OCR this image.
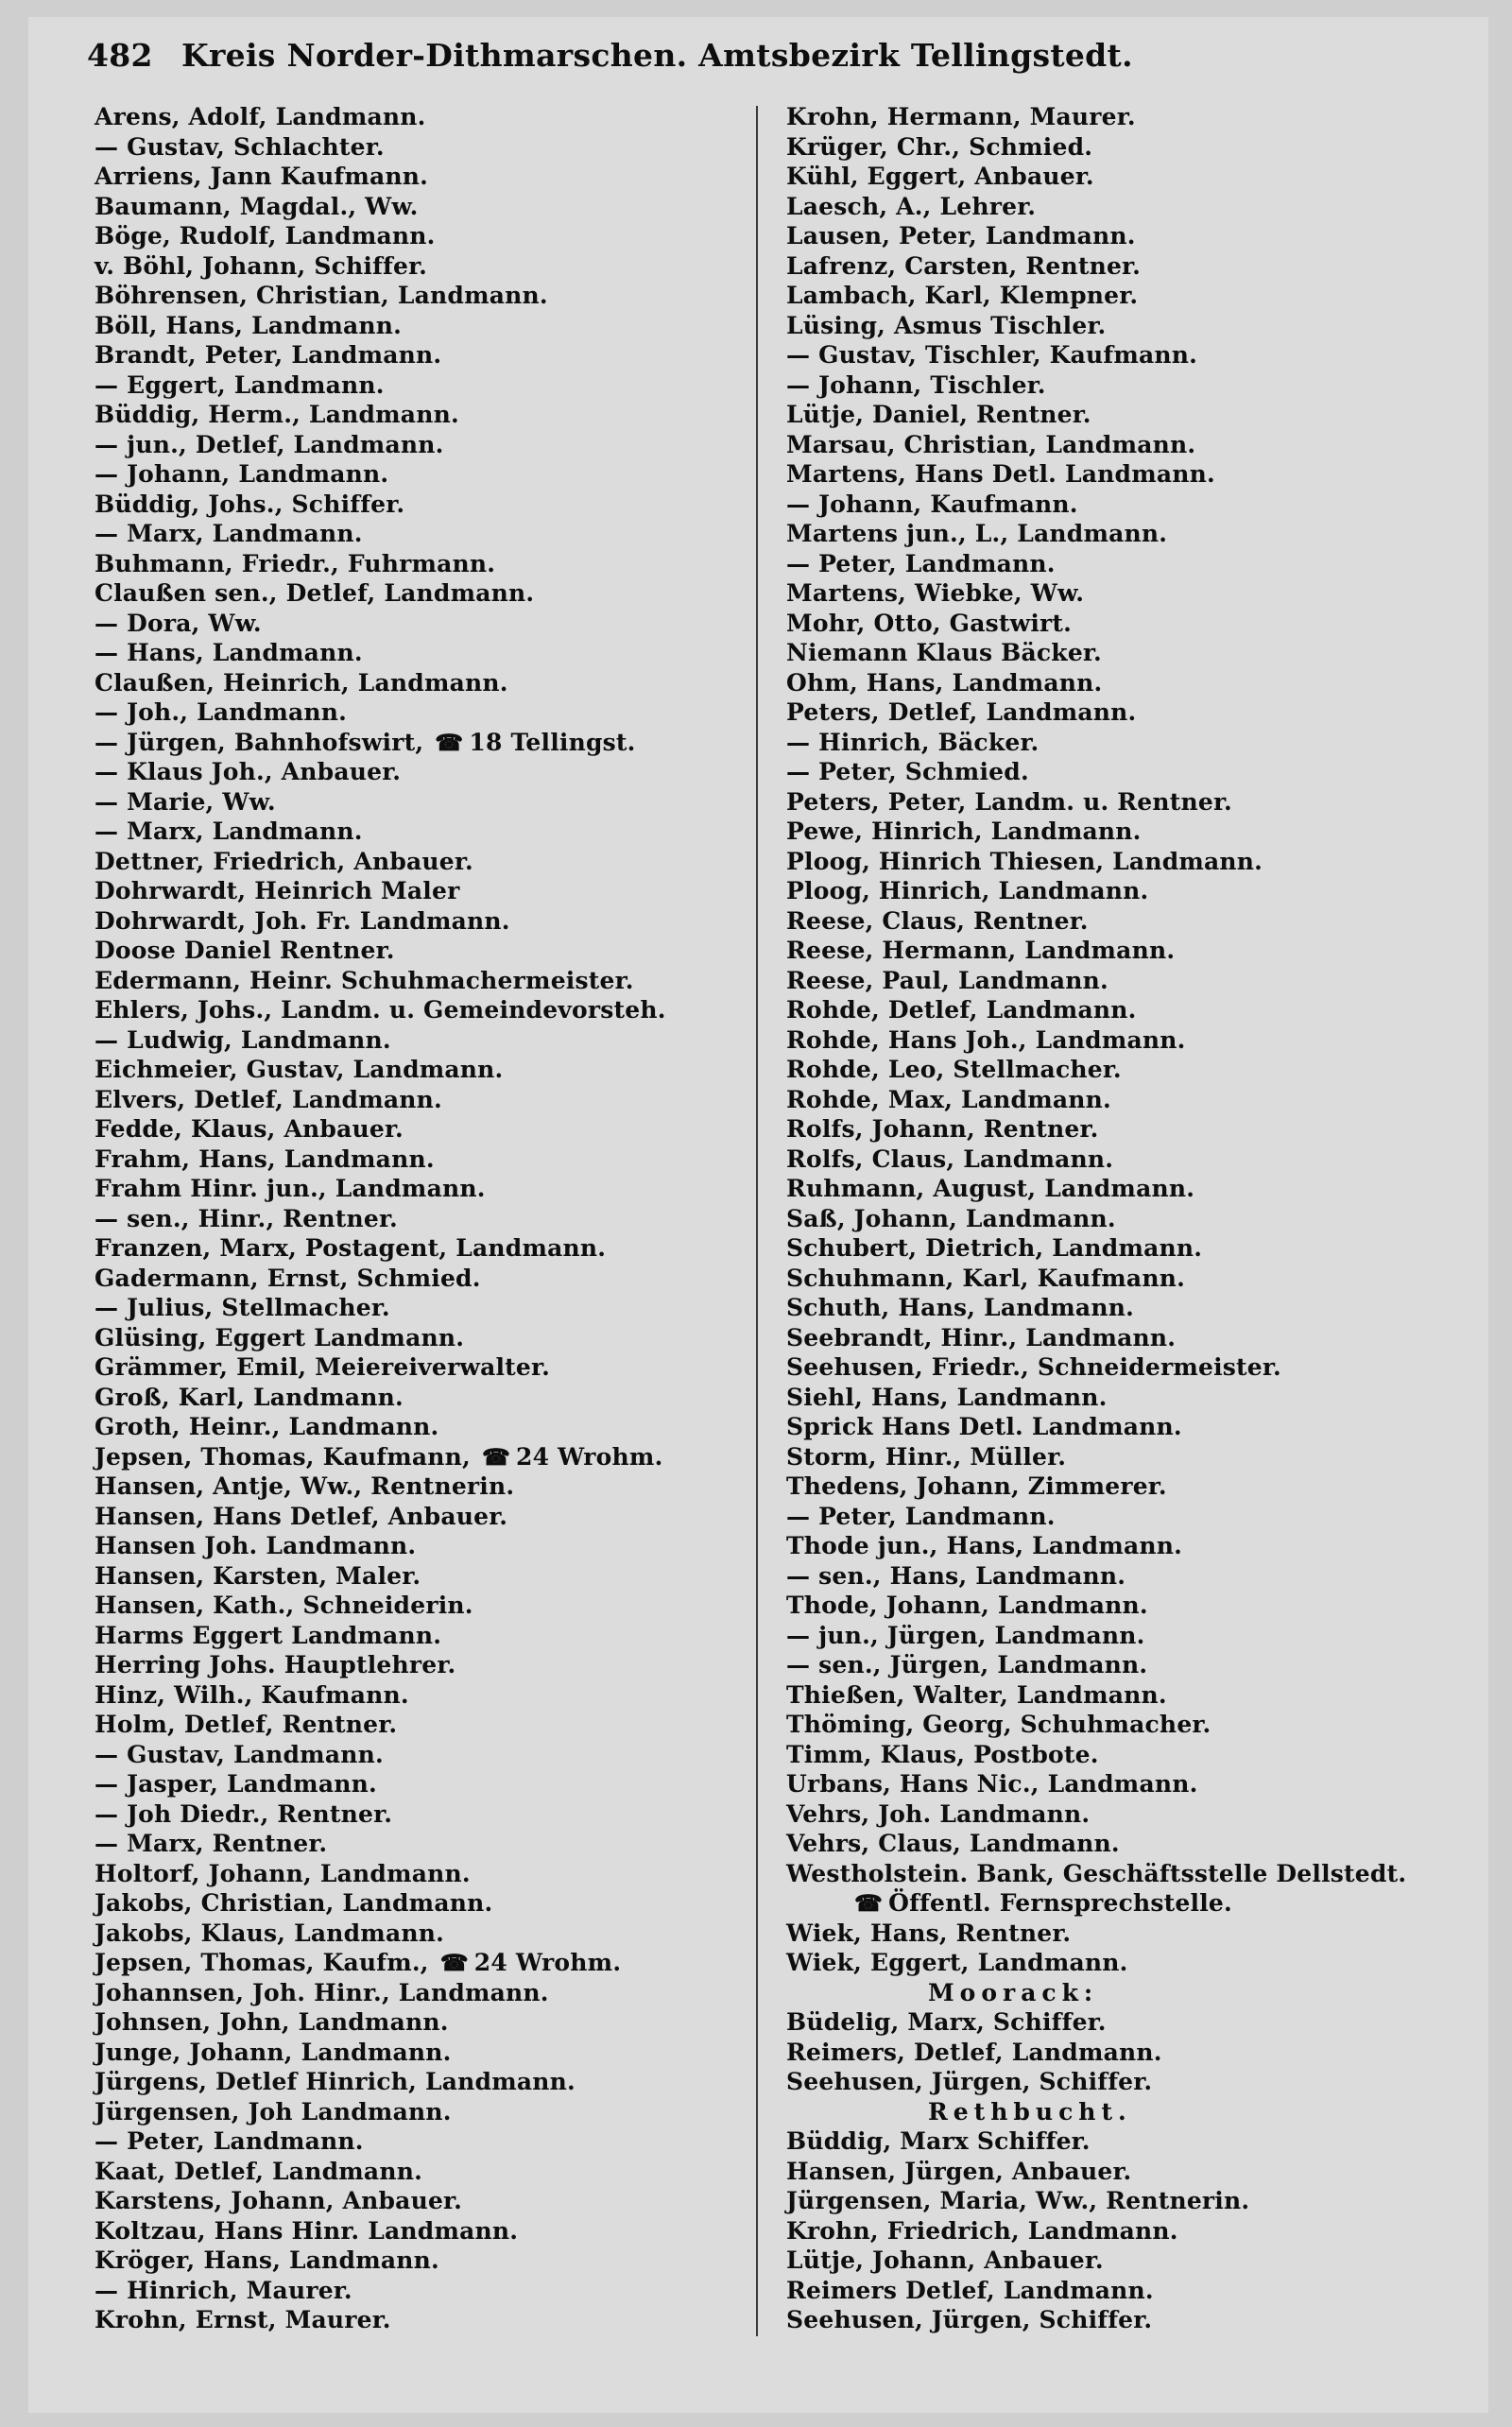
482 Kreis Norder-Dithmarschen. Amtsbezirk Tellingstedt.
Arens, Adolf, Landmann.
— Gustav, Schlachter.
Arriens, Jann Kaufmann.
Baumann, Magdal., Ww.
Böge, Rudolf, Landmann.
v. Böhl, Johann, Schiffer.
Böhrensen, Christian, Landmann.
Böll, Hans, Landmann.
Brandt, Peter, Landmann.
— Eggert, Landmann.
Büddig, Herm., Landmann.
— jun., Detlef, Landmann.
— Johann, Landmann.
Büddig, Johs., Schiffer.
— Marx, Landmann.
Buhmann, Friedr., Fuhrmann.
Claußen sen., Detlef, Landmann.
— Dora, Ww.
— Hans, Landmann.
Claußen, Heinrich, Landmann.
— Joh., Landmann.
— Jürgen, Bahnhofswirt, ☎ 18 Tellingst.
— Klaus Joh., Anbauer.
— Marie, Ww.
— Marx, Landmann.
Dettner, Friedrich, Anbauer.
Dohrwardt, Heinrich Maler
Dohrwardt, Joh. Fr. Landmann.
Doose Daniel Rentner.
Edermann, Heinr. Schuhmachermeister.
Ehlers, Johs., Landm. u. Gemeindevorsteh.
— Ludwig, Landmann.
Eichmeier, Gustav, Landmann.
Elvers, Detlef, Landmann.
Fedde, Klaus, Anbauer.
Frahm, Hans, Landmann.
Frahm Hinr. jun., Landmann.
— sen., Hinr., Rentner.
Franzen, Marx, Postagent, Landmann.
Gadermann, Ernst, Schmied.
— Julius, Stellmacher.
Glüsing, Eggert Landmann.
Grämmer, Emil, Meiereiverwalter.
Groß, Karl, Landmann.
Groth, Heinr., Landmann.
Jepsen, Thomas, Kaufmann, ☎ 24 Wrohm.
Hansen, Antje, Ww., Rentnerin.
Hansen, Hans Detlef, Anbauer.
Hansen Joh. Landmann.
Hansen, Karsten, Maler.
Hansen, Kath., Schneiderin.
Harms Eggert Landmann.
Herring Johs. Hauptlehrer.
Hinz, Wilh., Kaufmann.
Holm, Detlef, Rentner.
— Gustav, Landmann.
— Jasper, Landmann.
— Joh Diedr., Rentner.
— Marx, Rentner.
Holtorf, Johann, Landmann.
Jakobs, Christian, Landmann.
Jakobs, Klaus, Landmann.
Jepsen, Thomas, Kaufm., ☎ 24 Wrohm.
Johannsen, Joh. Hinr., Landmann.
Johnsen, John, Landmann.
Junge, Johann, Landmann.
Jürgens, Detlef Hinrich, Landmann.
Jürgensen, Joh Landmann.
— Peter, Landmann.
Kaat, Detlef, Landmann.
Karstens, Johann, Anbauer.
Koltzau, Hans Hinr. Landmann.
Kröger, Hans, Landmann.
— Hinrich, Maurer.
Krohn, Ernst, Maurer.
Krohn, Hermann, Maurer.
Krüger, Chr., Schmied.
Kühl, Eggert, Anbauer.
Laesch, A., Lehrer.
Lausen, Peter, Landmann.
Lafrenz, Carsten, Rentner.
Lambach, Karl, Klempner.
Lüsing, Asmus Tischler.
— Gustav, Tischler, Kaufmann.
— Johann, Tischler.
Lütje, Daniel, Rentner.
Marsau, Christian, Landmann.
Martens, Hans Detl. Landmann.
— Johann, Kaufmann.
Martens jun., L., Landmann.
— Peter, Landmann.
Martens, Wiebke, Ww.
Mohr, Otto, Gastwirt.
Niemann Klaus Bäcker.
Ohm, Hans, Landmann.
Peters, Detlef, Landmann.
— Hinrich, Bäcker.
— Peter, Schmied.
Peters, Peter, Landm. u. Rentner.
Pewe, Hinrich, Landmann.
Ploog, Hinrich Thiesen, Landmann.
Ploog, Hinrich, Landmann.
Reese, Claus, Rentner.
Reese, Hermann, Landmann.
Reese, Paul, Landmann.
Rohde, Detlef, Landmann.
Rohde, Hans Joh., Landmann.
Rohde, Leo, Stellmacher.
Rohde, Max, Landmann.
Rolfs, Johann, Rentner.
Rolfs, Claus, Landmann.
Ruhmann, August, Landmann.
Saß, Johann, Landmann.
Schubert, Dietrich, Landmann.
Schuhmann, Karl, Kaufmann.
Schuth, Hans, Landmann.
Seebrandt, Hinr., Landmann.
Seehusen, Friedr., Schneidermeister.
Siehl, Hans, Landmann.
Sprick Hans Detl. Landmann.
Storm, Hinr., Müller.
Thedens, Johann, Zimmerer.
— Peter, Landmann.
Thode jun., Hans, Landmann.
— sen., Hans, Landmann.
Thode, Johann, Landmann.
— jun., Jürgen, Landmann.
— sen., Jürgen, Landmann.
Thießen, Walter, Landmann.
Thöming, Georg, Schuhmacher.
Timm, Klaus, Postbote.
Urbans, Hans Nic., Landmann.
Vehrs, Joh. Landmann.
Vehrs, Claus, Landmann.
Westholstein. Bank, Geschäftsstelle Dellstedt.
☎ Öffentl. Fernsprechstelle.
Wiek, Hans, Rentner.
Wiek, Eggert, Landmann.
Moorack:
Büdelig, Marx, Schiffer.
Reimers, Detlef, Landmann.
Seehusen, Jürgen, Schiffer.
Rethbucht.
Büddig, Marx Schiffer.
Hansen, Jürgen, Anbauer.
Jürgensen, Maria, Ww., Rentnerin.
Krohn, Friedrich, Landmann.
Lütje, Johann, Anbauer.
Reimers Detlef, Landmann.
Seehusen, Jürgen, Schiffer.
